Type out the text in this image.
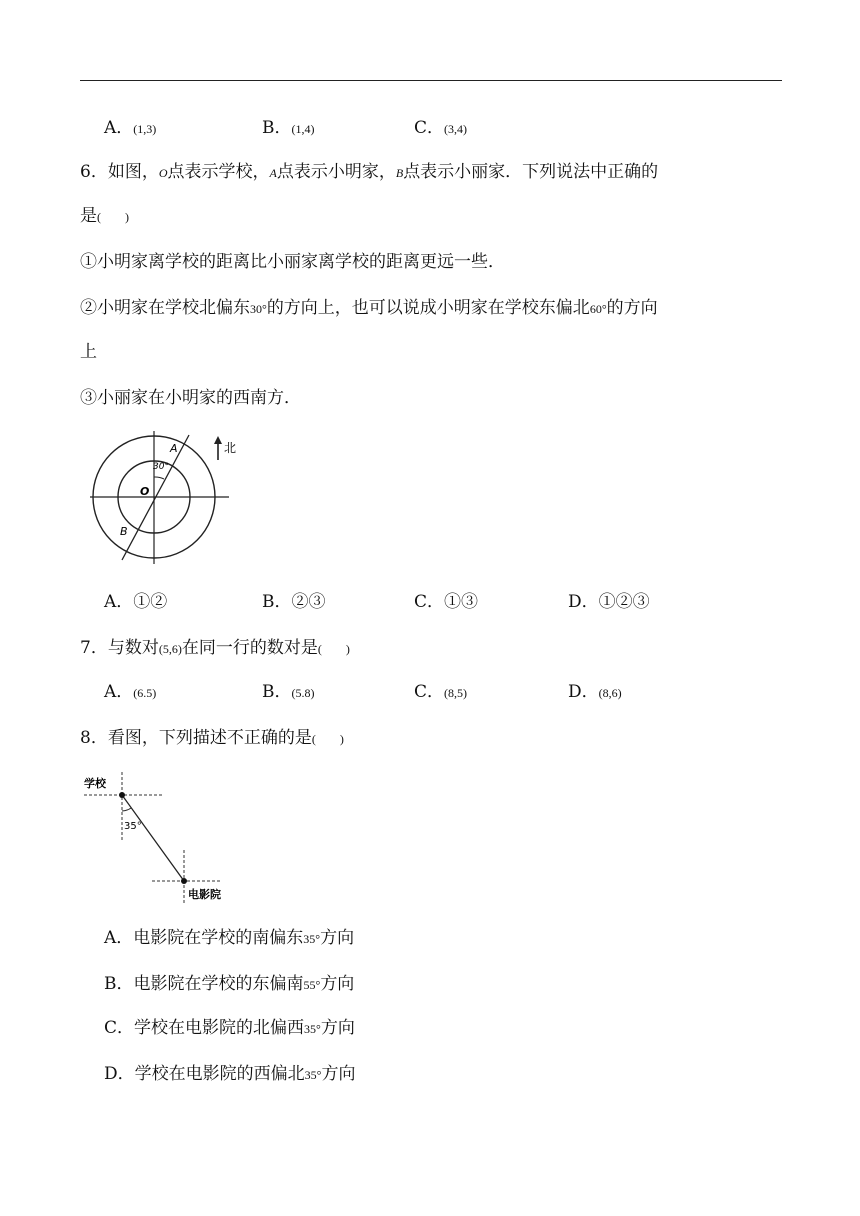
A．(1,3)	B．(1,4)	C．(3,4)
6．如图，O点表示学校，A点表示小明家，B点表示小丽家．下列说法中正确的
是(　　)
①小明家离学校的距离比小丽家离学校的距离更远一些．
②小明家在学校北偏东30°的方向上，也可以说成小明家在学校东偏北60°的方向
上
③小丽家在小明家的西南方．
30°
A
B
O
北
A．①②	B．②③	C．①③	D．①②③
7．与数对(5,6)在同一行的数对是(　　)
A．(6.5)	B．(5.8)	C．(8,5)	D．(8,6)
8．看图，下列描述不正确的是(　　)
学校
35°
电影院
A．电影院在学校的南偏东35°方向
B．电影院在学校的东偏南55°方向
C．学校在电影院的北偏西35°方向
D．学校在电影院的西偏北35°方向
